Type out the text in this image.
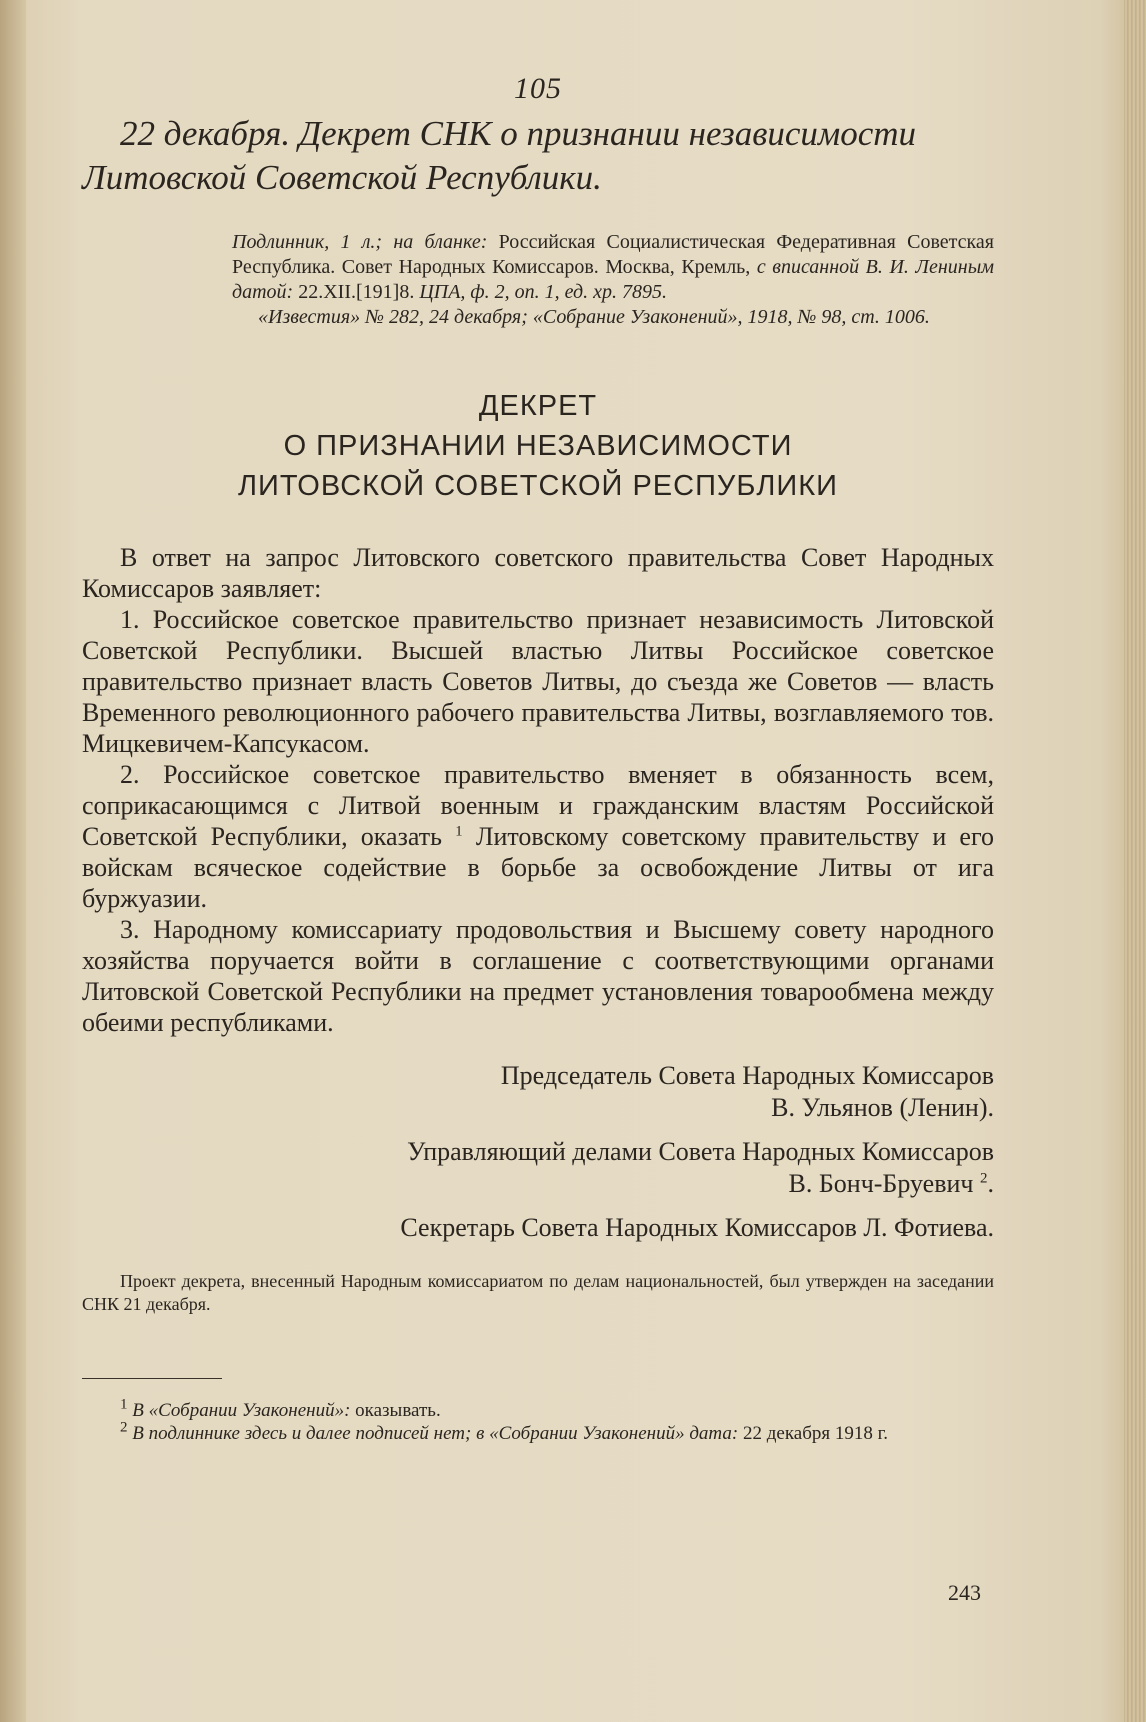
105
22 декабря. Декрет СНК о признании независимости Литовской Советской Республики.

Подлинник, 1 л.; на бланке: Российская Социалистическая Федеративная Советская Республика. Совет Народных Комиссаров. Москва, Кремль, с вписанной В. И. Лениным датой: 22.XII.[191]8. ЦПА, ф. 2, оп. 1, ед. хр. 7895.

«Известия» № 282, 24 декабря; «Собрание Узаконений», 1918, № 98, ст. 1006.

ДЕКРЕТ
О ПРИЗНАНИИ НЕЗАВИСИМОСТИ
ЛИТОВСКОЙ СОВЕТСКОЙ РЕСПУБЛИКИ

В ответ на запрос Литовского советского правительства Совет Народных Комиссаров заявляет:

1. Российское советское правительство признает независимость Литовской Советской Республики. Высшей властью Литвы Российское советское правительство признает власть Советов Литвы, до съезда же Советов — власть Временного революционного рабочего правительства Литвы, возглавляемого тов. Мицкевичем-Капсукасом.

2. Российское советское правительство вменяет в обязанность всем, соприкасающимся с Литвой военным и гражданским властям Российской Советской Республики, оказать $^1$ Литовскому советскому правительству и его войскам всяческое содействие в борьбе за освобождение Литвы от ига буржуазии.

3. Народному комиссариату продовольствия и Высшему совету народного хозяйства поручается войти в соглашение с соответствующими органами Литовской Советской Республики на предмет установления товарообмена между обеими республиками.

Председатель Совета Народных Комиссаров
В. Ульянов (Ленин).
Управляющий делами Совета Народных Комиссаров
В. Бонч-Бруевич $^2$.
Секретарь Совета Народных Комиссаров Л. Фотиева.
Проект декрета, внесенный Народным комиссариатом по делам национальностей, был утвержден на заседании СНК 21 декабря.

$^1$ В «Собрании Узаконений»: оказывать.

$^2$ В подлиннике здесь и далее подписей нет; в «Собрании Узаконений» дата: 22 декабря 1918 г.

243
